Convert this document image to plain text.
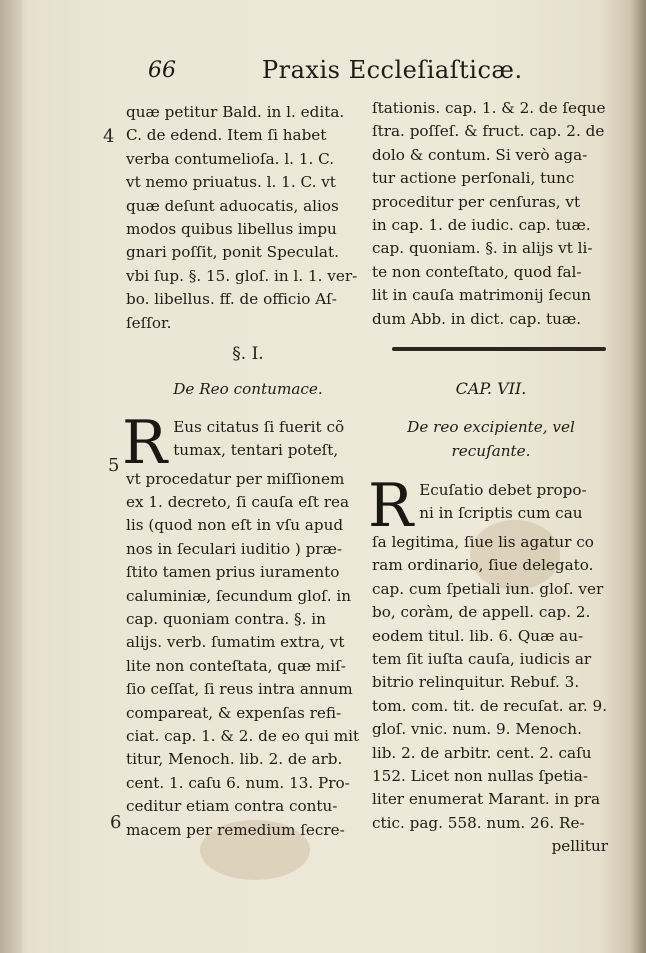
66	Praxis Eccleſiaſticæ.
4
5
6
quæ petitur Bald. in l. edita.
C. de edend. Item ſi habet
verba contumelioſa. l. 1. C.
vt nemo priuatus. l. 1. C. vt
quæ deſunt aduocatis, alios
modos quibus libellus impu
gnari poſſit, ponit Speculat.
vbi ſup. §. 15. gloſ. in l. 1. ver-
bo. libellus. ff. de officio Aſ-
ſeſſor.
§. I.
De Reo contumace.
R Eus citatus ſi fuerit cõ
tumax, tentari poteſt,
vt procedatur per miſſionem
ex 1. decreto, ſi cauſa eſt rea
lis (quod non eſt in vſu apud
nos in ſeculari iuditio ) præ-
ſtito tamen prius iuramento
caluminiæ, ſecundum gloſ. in
cap. quoniam contra. §. in
alijs. verb. ſumatim extra, vt
lite non conteſtata, quæ miſ-
ſio ceſſat, ſi reus intra annum
compareat, & expenſas refi-
ciat. cap. 1. & 2. de eo qui mit
titur, Menoch. lib. 2. de arb.
cent. 1. caſu 6. num. 13. Pro-
ceditur etiam contra contu-
macem per remedium ſecre-
ſtationis. cap. 1. & 2. de ſeque
ſtra. poſſeſ. & fruct. cap. 2. de
dolo & contum. Si verò aga-
tur actione perſonali, tunc
proceditur per cenſuras, vt
in cap. 1. de iudic. cap. tuæ.
cap. quoniam. §. in alijs vt li-
te non conteſtato, quod fal-
lit in cauſa matrimonij ſecun
dum Abb. in dict. cap. tuæ.
CAP. VII.
De reo excipiente, vel
recuſante.
R Ecuſatio debet propo-
ni in ſcriptis cum cau
ſa legitima, ſiue lis agatur co
ram ordinario, ſiue delegato.
cap. cum ſpetiali iun. gloſ. ver
bo, coràm, de appell. cap. 2.
eodem titul. lib. 6. Quæ au-
tem ſit iuſta cauſa, iudicis ar
bitrio relinquitur. Rebuf. 3.
tom. com. tit. de recuſat. ar. 9.
gloſ. vnic. num. 9. Menoch.
lib. 2. de arbitr. cent. 2. caſu
152. Licet non nullas ſpetia-
liter enumerat Marant. in pra
ctic. pag. 558. num. 26. Re-
pellitur
